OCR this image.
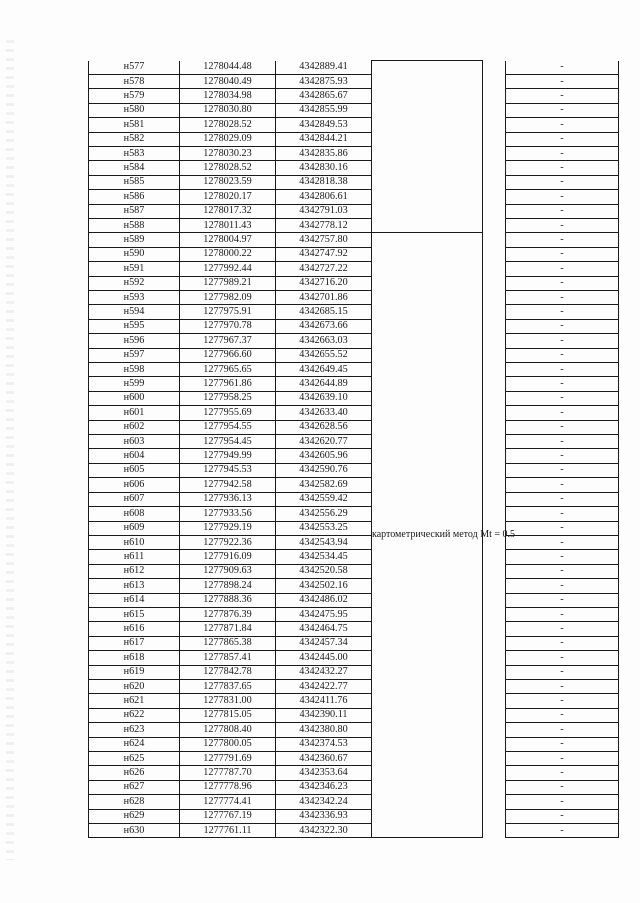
н577	1278044.48	4342889.41			-
н578	1278040.49	4342875.93			-
н579	1278034.98	4342865.67			-
н580	1278030.80	4342855.99			-
н581	1278028.52	4342849.53			-
н582	1278029.09	4342844.21			-
н583	1278030.23	4342835.86			-
н584	1278028.52	4342830.16			-
н585	1278023.59	4342818.38			-
н586	1278020.17	4342806.61			-
н587	1278017.32	4342791.03			-
н588	1278011.43	4342778.12			-
н589	1278004.97	4342757.80	картометрический метод Mt = 0.5		-
н590	1278000.22	4342747.92			-
н591	1277992.44	4342727.22			-
н592	1277989.21	4342716.20			-
н593	1277982.09	4342701.86			-
н594	1277975.91	4342685.15			-
н595	1277970.78	4342673.66			-
н596	1277967.37	4342663.03			-
н597	1277966.60	4342655.52			-
н598	1277965.65	4342649.45			-
н599	1277961.86	4342644.89			-
н600	1277958.25	4342639.10			-
н601	1277955.69	4342633.40			-
н602	1277954.55	4342628.56			-
н603	1277954.45	4342620.77			-
н604	1277949.99	4342605.96			-
н605	1277945.53	4342590.76			-
н606	1277942.58	4342582.69			-
н607	1277936.13	4342559.42			-
н608	1277933.56	4342556.29			-
н609	1277929.19	4342553.25			-
н610	1277922.36	4342543.94			-
н611	1277916.09	4342534.45			-
н612	1277909.63	4342520.58			-
н613	1277898.24	4342502.16			-
н614	1277888.36	4342486.02			-
н615	1277876.39	4342475.95			-
н616	1277871.84	4342464.75			-
н617	1277865.38	4342457.34			-
н618	1277857.41	4342445.00			-
н619	1277842.78	4342432.27			-
н620	1277837.65	4342422.77			-
н621	1277831.00	4342411.76			-
н622	1277815.05	4342390.11			-
н623	1277808.40	4342380.80			-
н624	1277800.05	4342374.53			-
н625	1277791.69	4342360.67			-
н626	1277787.70	4342353.64			-
н627	1277778.96	4342346.23			-
н628	1277774.41	4342342.24			-
н629	1277767.19	4342336.93			-
н630	1277761.11	4342322.30			-
